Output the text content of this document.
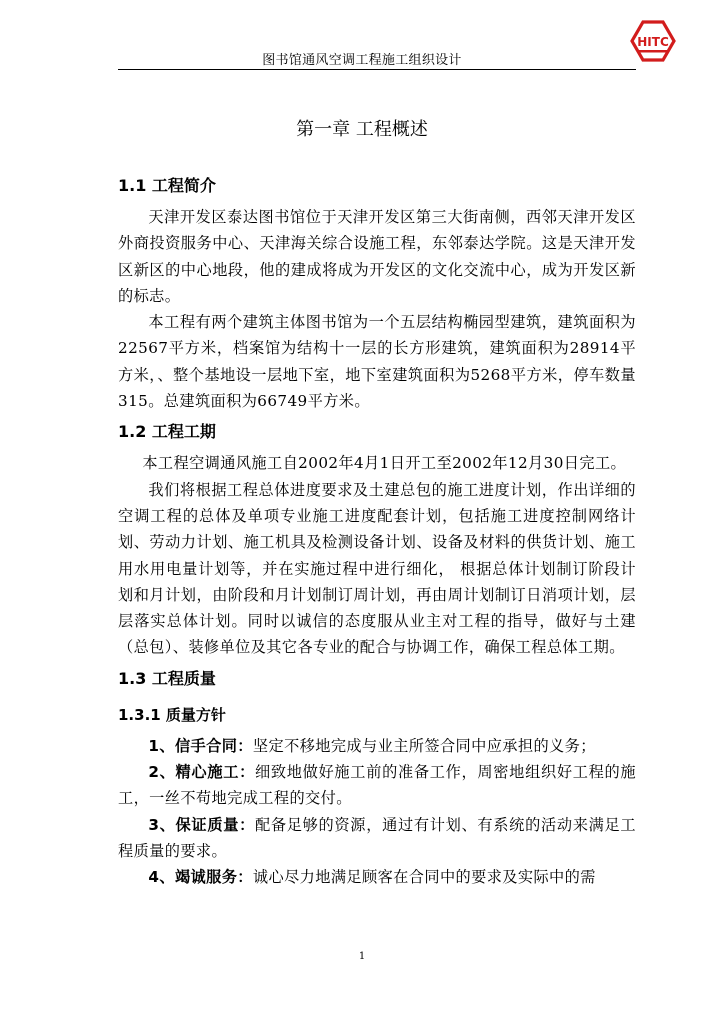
图书馆通风空调工程施工组织设计
HITC
第一章 工程概述
1.1 工程简介

天津开发区泰达图书馆位于天津开发区第三大街南侧，西邻天津开发区外商投资服务中心、天津海关综合设施工程，东邻泰达学院。这是天津开发区新区的中心地段，他的建成将成为开发区的文化交流中心，成为开发区新的标志。

本工程有两个建筑主体图书馆为一个五层结构椭园型建筑，建筑面积为22567平方米，档案馆为结构十一层的长方形建筑，建筑面积为28914平方米，、整个基地设一层地下室，地下室建筑面积为5268平方米，停车数量315。总建筑面积为66749平方米。

1.2 工程工期

本工程空调通风施工自2002年4月1日开工至2002年12月30日完工。

我们将根据工程总体进度要求及土建总包的施工进度计划，作出详细的空调工程的总体及单项专业施工进度配套计划，包括施工进度控制网络计划、劳动力计划、施工机具及检测设备计划、设备及材料的供货计划、施工用水用电量计划等，并在实施过程中进行细化， 根据总体计划制订阶段计划和月计划，由阶段和月计划制订周计划，再由周计划制订日消项计划，层层落实总体计划。同时以诚信的态度服从业主对工程的指导，做好与土建（总包）、装修单位及其它各专业的配合与协调工作，确保工程总体工期。

1.3 工程质量
1.3.1 质量方针

1、信手合同：坚定不移地完成与业主所签合同中应承担的义务；

2、精心施工：细致地做好施工前的准备工作，周密地组织好工程的施工，一丝不苟地完成工程的交付。

3、保证质量：配备足够的资源，通过有计划、有系统的活动来满足工程质量的要求。

4、竭诚服务：诚心尽力地满足顾客在合同中的要求及实际中的需

1
